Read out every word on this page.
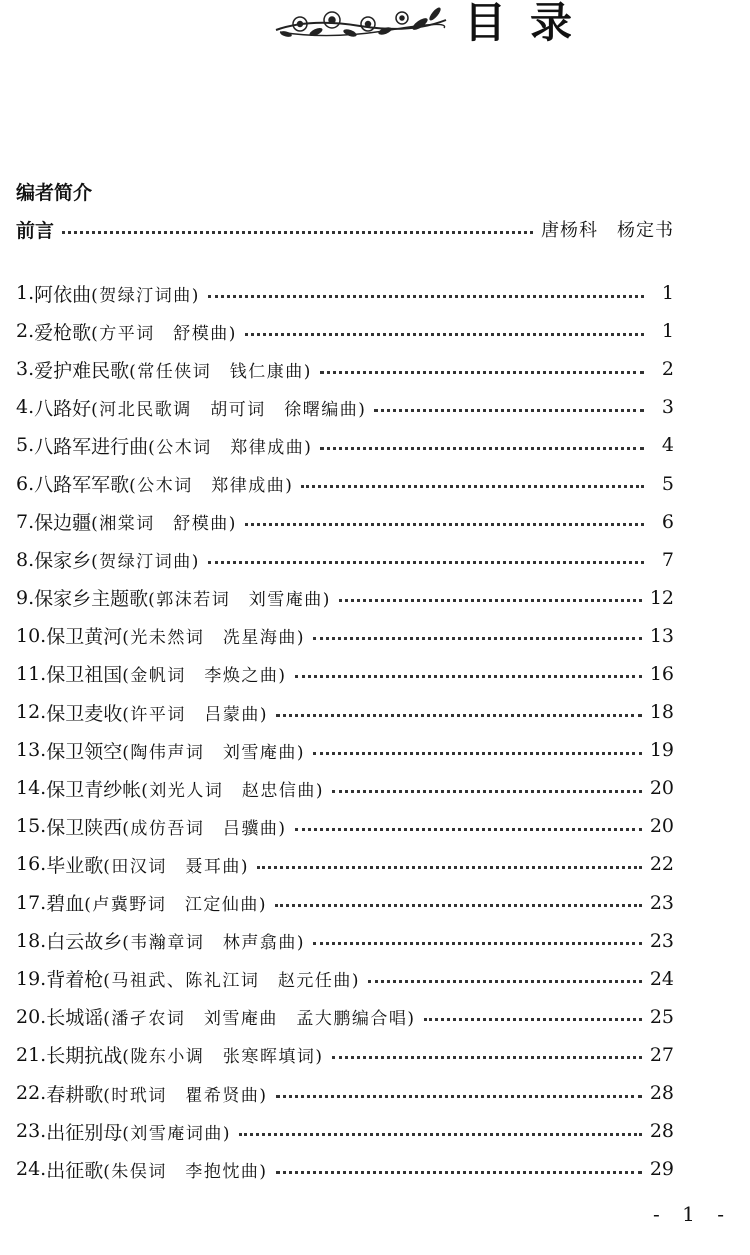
目录
编者简介
前言	唐杨科　杨定书
1. 阿依曲 (贺绿汀词曲)	1
2. 爱枪歌 (方平词　舒模曲)	1
3. 爱护难民歌 (常任侠词　钱仁康曲)	2
4. 八路好 (河北民歌调　胡可词　徐曙编曲)	3
5. 八路军进行曲 (公木词　郑律成曲)	4
6. 八路军军歌 (公木词　郑律成曲)	5
7. 保边疆 (湘棠词　舒模曲)	6
8. 保家乡 (贺绿汀词曲)	7
9. 保家乡主题歌 (郭沫若词　刘雪庵曲)	12
10. 保卫黄河 (光未然词　冼星海曲)	13
11. 保卫祖国 (金帆词　李焕之曲)	16
12. 保卫麦收 (许平词　吕蒙曲)	18
13. 保卫领空 (陶伟声词　刘雪庵曲)	19
14. 保卫青纱帐 (刘光人词　赵忠信曲)	20
15. 保卫陕西 (成仿吾词　吕骥曲)	20
16. 毕业歌 (田汉词　聂耳曲)	22
17. 碧血 (卢冀野词　江定仙曲)	23
18. 白云故乡 (韦瀚章词　林声翕曲)	23
19. 背着枪 (马祖武、陈礼江词　赵元任曲)	24
20. 长城谣 (潘孑农词　刘雪庵曲　孟大鹏编合唱)	25
21. 长期抗战 (陇东小调　张寒晖填词)	27
22. 春耕歌 (时玳词　瞿希贤曲)	28
23. 出征别母 (刘雪庵词曲)	28
24. 出征歌 (朱俣词　李抱忱曲)	29
- 1 -
